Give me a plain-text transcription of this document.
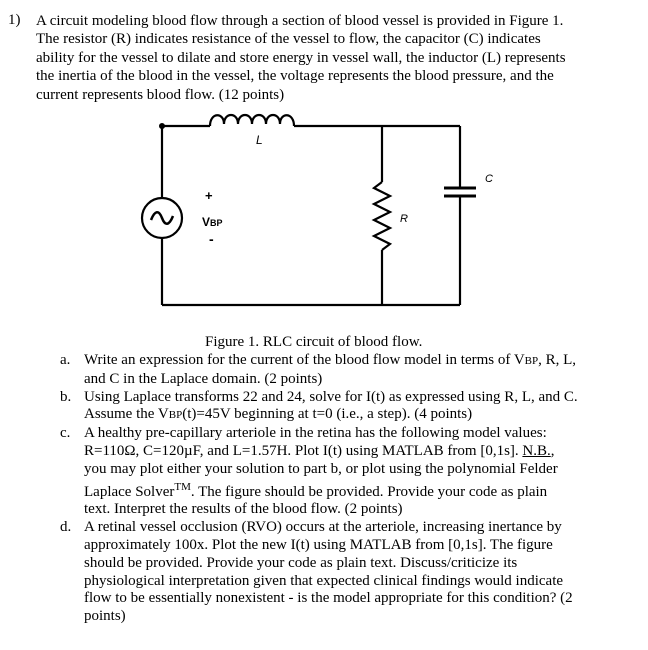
1) A circuit modeling blood flow through a section of blood vessel is provided in Figure 1.
The resistor (R) indicates resistance of the vessel to flow, the capacitor (C) indicates
ability for the vessel to dilate and store energy in vessel wall, the inductor (L) represents
the inertia of the blood in the vessel, the voltage represents the blood pressure, and the
current represents blood flow. (12 points)
L
+
VBP
-
R
C
Figure 1. RLC circuit of blood flow.
a. Write an expression for the current of the blood flow model in terms of VBP, R, L,
and C in the Laplace domain. (2 points)
b. Using Laplace transforms 22 and 24, solve for I(t) as expressed using R, L, and C.
Assume the VBP(t)=45V beginning at t=0 (i.e., a step). (4 points)
c. A healthy pre-capillary arteriole in the retina has the following model values:
R=110Ω, C=120µF, and L=1.57H. Plot I(t) using MATLAB from [0,1s]. N.B.,
you may plot either your solution to part b, or plot using the polynomial Felder
Laplace Solver™. The figure should be provided. Provide your code as plain
text. Interpret the results of the blood flow. (2 points)
d. A retinal vessel occlusion (RVO) occurs at the arteriole, increasing inertance by
approximately 100x. Plot the new I(t) using MATLAB from [0,1s]. The figure
should be provided. Provide your code as plain text. Discuss/criticize its
physiological interpretation given that expected clinical findings would indicate
flow to be essentially nonexistent - is the model appropriate for this condition? (2
points)
